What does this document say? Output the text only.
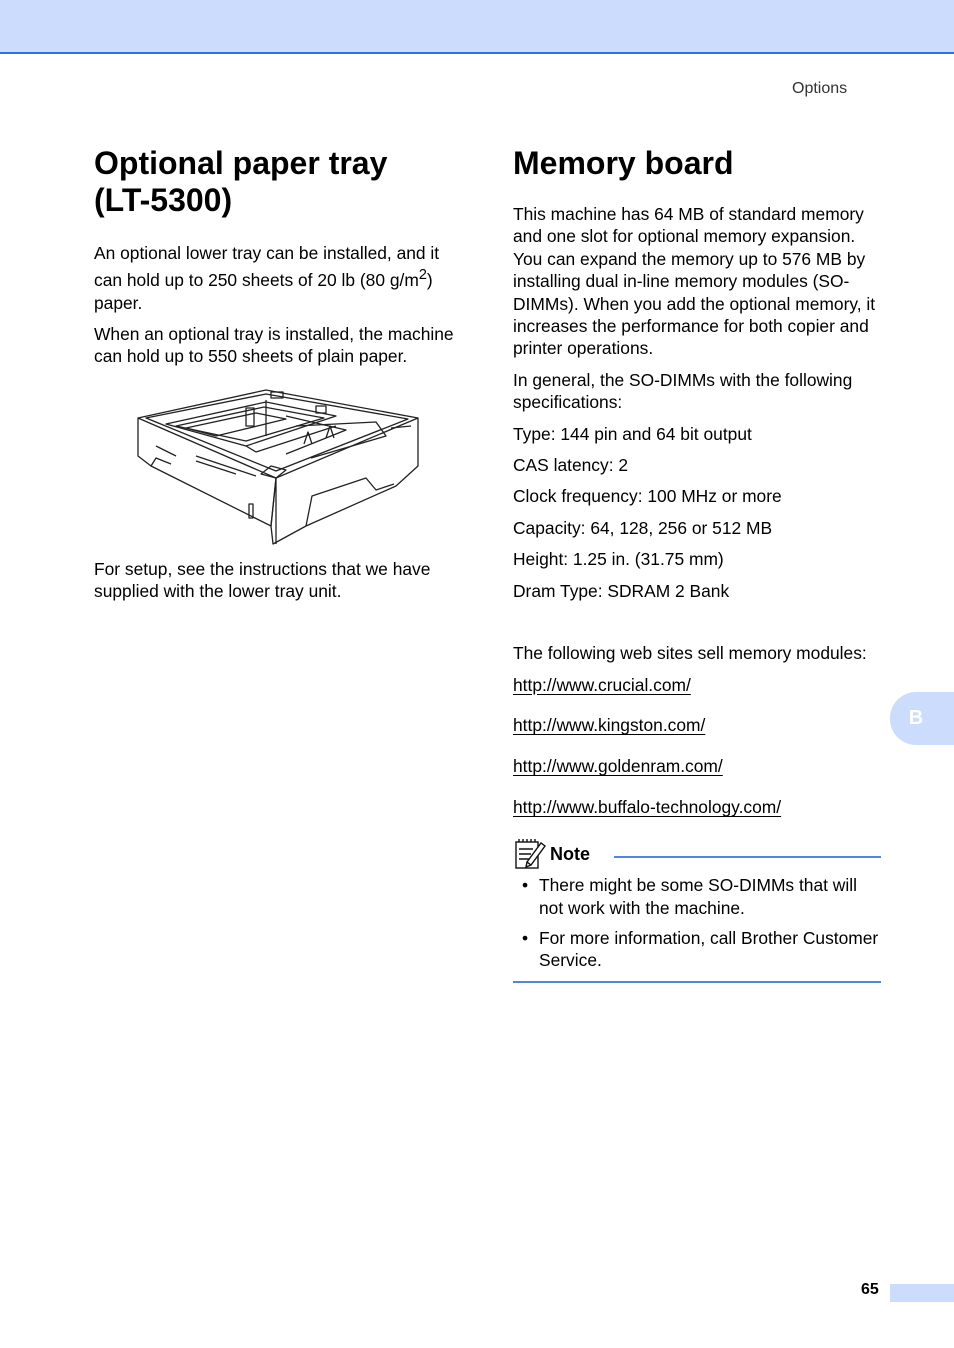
Options
Optional paper tray
(LT-5300)

An optional lower tray can be installed, and it can hold up to 250 sheets of 20 lb (80 $g/m^2$) paper.

When an optional tray is installed, the machine can hold up to 550 sheets of plain paper.

For setup, see the instructions that we have supplied with the lower tray unit.

Memory board

This machine has 64 MB of standard memory and one slot for optional memory expansion. You can expand the memory up to 576 MB by installing dual in-line memory modules (SO-DIMMs). When you add the optional memory, it increases the performance for both copier and printer operations.

In general, the SO-DIMMs with the following specifications:

Type: 144 pin and 64 bit output

CAS latency: 2

Clock frequency: 100 MHz or more

Capacity: 64, 128, 256 or 512 MB

Height: 1.25 in. (31.75 mm)

Dram Type: SDRAM 2 Bank

The following web sites sell memory modules:

http://www.crucial.com/
http://www.kingston.com/
http://www.goldenram.com/
http://www.buffalo-technology.com/
Note
• There might be some SO-DIMMs that will not work with the machine.
• For more information, call Brother Customer Service.
B
65
